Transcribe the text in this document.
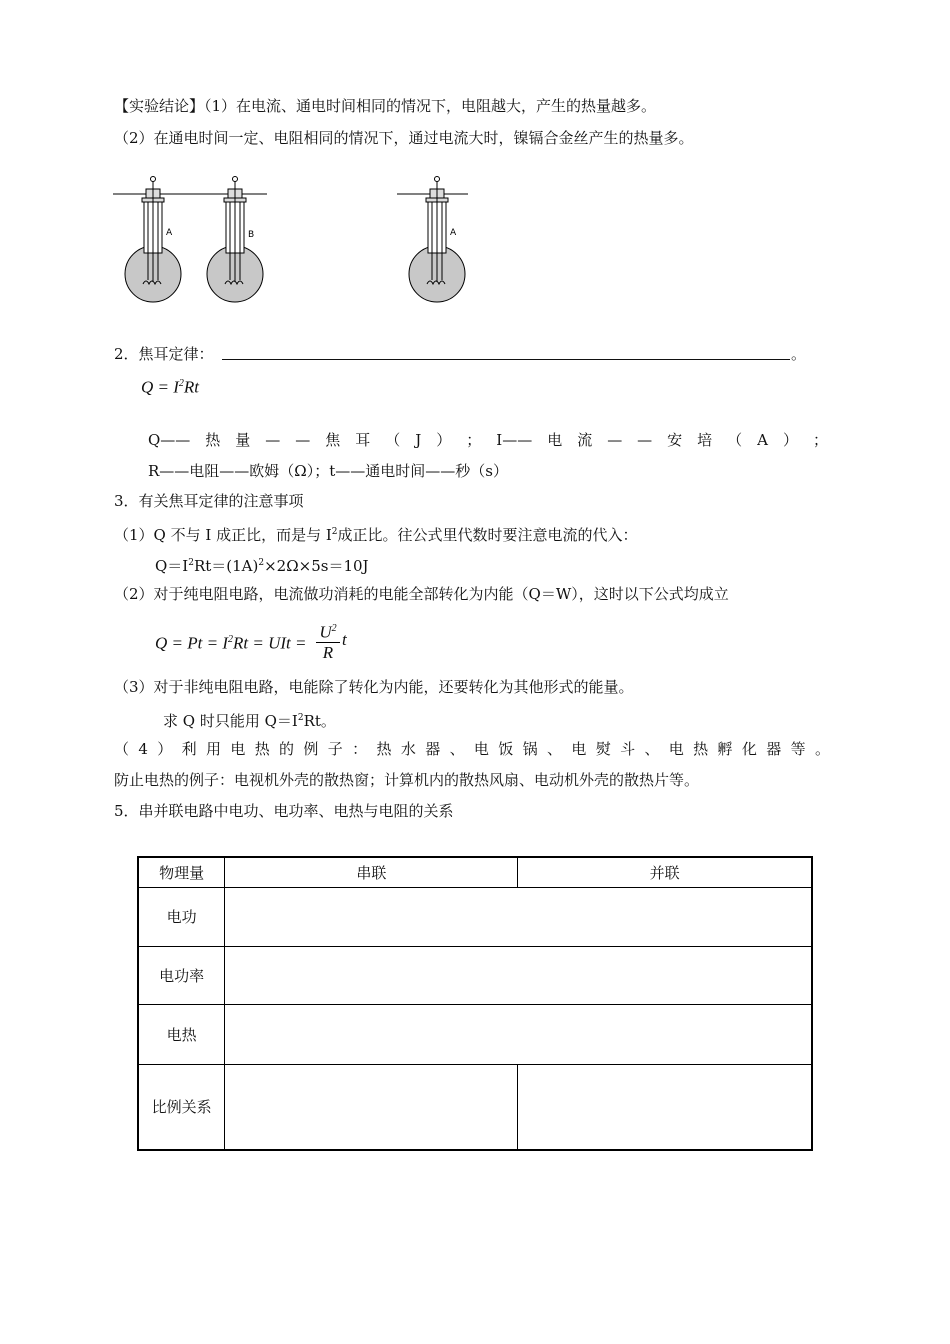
【实验结论】（1）在电流、通电时间相同的情况下，电阻越大，产生的热量越多。
（2）在通电时间一定、电阻相同的情况下，通过电流大时，镍镉合金丝产生的热量多。
A	B	A
2．焦耳定律：	。
$Q = I^2Rt$
Q—— 热 量 — — 焦 耳 （ J ） ； I—— 电 流 — — 安 培 （ A ） ；
R——电阻——欧姆（Ω）；t——通电时间——秒（s）
3．有关焦耳定律的注意事项
（1）Q 不与 I 成正比，而是与 $I^2$成正比。往公式里代数时要注意电流的代入：
$Q=I^2Rt=(1A)^2\times 2\Omega\times 5s=10J$
（2）对于纯电阻电路，电流做功消耗的电能全部转化为内能（Q＝W），这时以下公式均成立
$Q = Pt = I^2Rt$ = UIt =
$U^2$
R
t
（3）对于非纯电阻电路，电能除了转化为内能，还要转化为其他形式的能量。
求 Q 时只能用 $Q=I^2Rt$。
（ 4 ） 利 用 电 热 的 例 子 ： 热 水 器 、 电 饭 锅 、 电 熨 斗 、 电 热 孵 化 器 等 。
防止电热的例子：电视机外壳的散热窗；计算机内的散热风扇、电动机外壳的散热片等。
5．串并联电路中电功、电功率、电热与电阻的关系
物理量	串联	并联
电功		
电功率		
电热		
比例关系		
